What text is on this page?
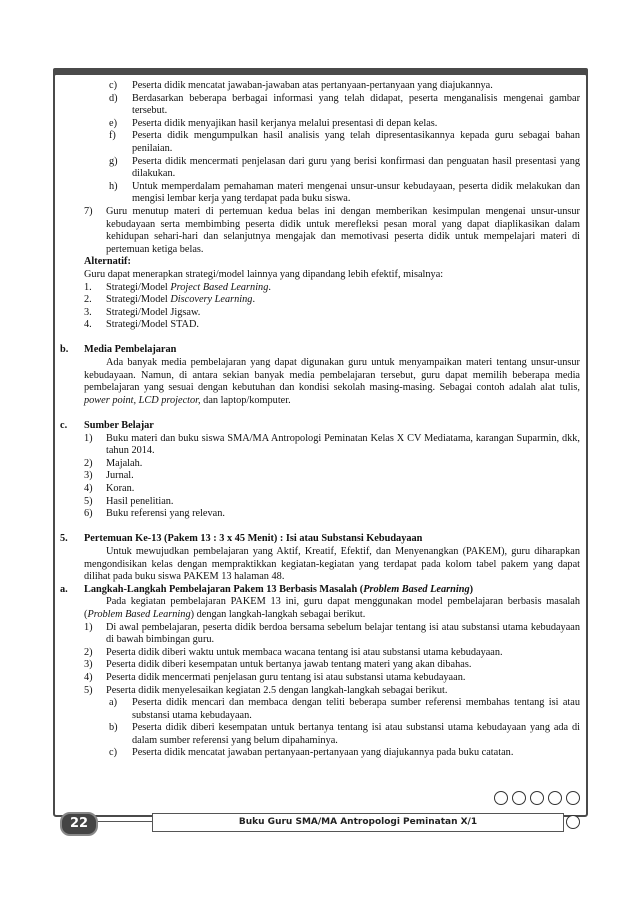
c) Peserta didik mencatat jawaban-jawaban atas pertanyaan-pertanyaan yang diajukannya.
d) Berdasarkan beberapa berbagai informasi yang telah didapat, peserta menganalisis mengenai gambar tersebut.
e) Peserta didik menyajikan hasil kerjanya melalui presentasi di depan kelas.
f) Peserta didik mengumpulkan hasil analisis yang telah dipresentasikannya kepada guru sebagai bahan penilaian.
g) Peserta didik mencermati penjelasan dari guru yang berisi konfirmasi dan penguatan hasil presentasi yang dilakukan.
h) Untuk memperdalam pemahaman materi mengenai unsur-unsur kebudayaan, peserta didik melakukan dan mengisi lembar kerja yang terdapat pada buku siswa.
7) Guru menutup materi di pertemuan kedua belas ini dengan memberikan kesimpulan mengenai unsur-unsur kebudayaan serta membimbing peserta didik untuk merefleksi pesan moral yang dapat diaplikasikan dalam kehidupan sehari-hari dan selanjutnya mengajak dan memotivasi peserta didik untuk mempelajari materi di pertemuan ketiga belas.
Alternatif:
Guru dapat menerapkan strategi/model lainnya yang dipandang lebih efektif, misalnya:
1. Strategi/Model Project Based Learning.
2. Strategi/Model Discovery Learning.
3. Strategi/Model Jigsaw.
4. Strategi/Model STAD.
b. Media Pembelajaran
Ada banyak media pembelajaran yang dapat digunakan guru untuk menyampaikan materi tentang unsur-unsur kebudayaan. Namun, di antara sekian banyak media pembelajaran tersebut, guru dapat memilih beberapa media pembelajaran yang sesuai dengan kebutuhan dan kondisi sekolah masing-masing. Sebagai contoh adalah alat tulis, power point, LCD projector, dan laptop/komputer.
c. Sumber Belajar
1) Buku materi dan buku siswa SMA/MA Antropologi Peminatan Kelas X CV Mediatama, karangan Suparmin, dkk, tahun 2014.
2) Majalah.
3) Jurnal.
4) Koran.
5) Hasil penelitian.
6) Buku referensi yang relevan.
5. Pertemuan Ke-13 (Pakem 13 : 3 x 45 Menit) : Isi atau Substansi Kebudayaan
Untuk mewujudkan pembelajaran yang Aktif, Kreatif, Efektif, dan Menyenangkan (PAKEM), guru diharapkan mengondisikan kelas dengan mempraktikkan kegiatan-kegiatan yang terdapat pada kolom tabel pakem yang dapat dilihat pada buku siswa PAKEM 13 halaman 48.
a. Langkah-Langkah Pembelajaran Pakem 13 Berbasis Masalah (Problem Based Learning)
Pada kegiatan pembelajaran PAKEM 13 ini, guru dapat menggunakan model pembelajaran berbasis masalah (Problem Based Learning) dengan langkah-langkah sebagai berikut.
1) Di awal pembelajaran, peserta didik berdoa bersama sebelum belajar tentang isi atau substansi utama kebudayaan di bawah bimbingan guru.
2) Peserta didik diberi waktu untuk membaca wacana tentang isi atau substansi utama kebudayaan.
3) Peserta didik diberi kesempatan untuk bertanya jawab tentang materi yang akan dibahas.
4) Peserta didik mencermati penjelasan guru tentang isi atau substansi utama kebudayaan.
5) Peserta didik menyelesaikan kegiatan 2.5 dengan langkah-langkah sebagai berikut.
a) Peserta didik mencari dan membaca dengan teliti beberapa sumber referensi membahas tentang isi atau substansi utama kebudayaan.
b) Peserta didik diberi kesempatan untuk bertanya tentang isi atau substansi utama kebudayaan yang ada di dalam sumber referensi yang belum dipahaminya.
c) Peserta didik mencatat jawaban pertanyaan-pertanyaan yang diajukannya pada buku catatan.
22	Buku Guru SMA/MA Antropologi Peminatan X/1
